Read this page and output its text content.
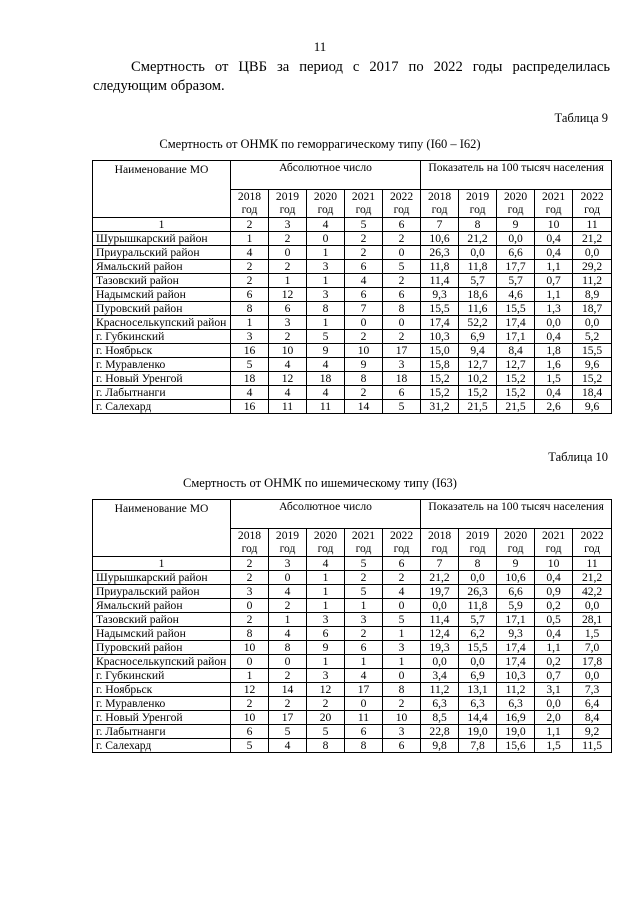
11

Смертность от ЦВБ за период с 2017 по 2022 годы распределилась следующим образом.

Таблица 9
Смертность от ОНМК по геморрагическому типу (I60 – I62)
Наименование МО	Абсолютное число					Показатель на 100 тысяч населения				
	2018 год	2019 год	2020 год	2021 год	2022 год	2018 год	2019 год	2020 год	2021 год	2022 год
1	2	3	4	5	6	7	8	9	10	11
Шурышкарский район	1	2	0	2	2	10,6	21,2	0,0	0,4	21,2
Приуральский район	4	0	1	2	0	26,3	0,0	6,6	0,4	0,0
Ямальский район	2	2	3	6	5	11,8	11,8	17,7	1,1	29,2
Тазовский район	2	1	1	4	2	11,4	5,7	5,7	0,7	11,2
Надымский район	6	12	3	6	6	9,3	18,6	4,6	1,1	8,9
Пуровский район	8	6	8	7	8	15,5	11,6	15,5	1,3	18,7
Красноселькупский район	1	3	1	0	0	17,4	52,2	17,4	0,0	0,0
г. Губкинский	3	2	5	2	2	10,3	6,9	17,1	0,4	5,2
г. Ноябрьск	16	10	9	10	17	15,0	9,4	8,4	1,8	15,5
г. Муравленко	5	4	4	9	3	15,8	12,7	12,7	1,6	9,6
г. Новый Уренгой	18	12	18	8	18	15,2	10,2	15,2	1,5	15,2
г. Лабытнанги	4	4	4	2	6	15,2	15,2	15,2	0,4	18,4
г. Салехард	16	11	11	14	5	31,2	21,5	21,5	2,6	9,6
Таблица 10
Смертность от ОНМК по ишемическому типу (I63)
Наименование МО	Абсолютное число					Показатель на 100 тысяч населения				
	2018 год	2019 год	2020 год	2021 год	2022 год	2018 год	2019 год	2020 год	2021 год	2022 год
1	2	3	4	5	6	7	8	9	10	11
Шурышкарский район	2	0	1	2	2	21,2	0,0	10,6	0,4	21,2
Приуральский район	3	4	1	5	4	19,7	26,3	6,6	0,9	42,2
Ямальский район	0	2	1	1	0	0,0	11,8	5,9	0,2	0,0
Тазовский район	2	1	3	3	5	11,4	5,7	17,1	0,5	28,1
Надымский район	8	4	6	2	1	12,4	6,2	9,3	0,4	1,5
Пуровский район	10	8	9	6	3	19,3	15,5	17,4	1,1	7,0
Красноселькупский район	0	0	1	1	1	0,0	0,0	17,4	0,2	17,8
г. Губкинский	1	2	3	4	0	3,4	6,9	10,3	0,7	0,0
г. Ноябрьск	12	14	12	17	8	11,2	13,1	11,2	3,1	7,3
г. Муравленко	2	2	2	0	2	6,3	6,3	6,3	0,0	6,4
г. Новый Уренгой	10	17	20	11	10	8,5	14,4	16,9	2,0	8,4
г. Лабытнанги	6	5	5	6	3	22,8	19,0	19,0	1,1	9,2
г. Салехард	5	4	8	8	6	9,8	7,8	15,6	1,5	11,5
